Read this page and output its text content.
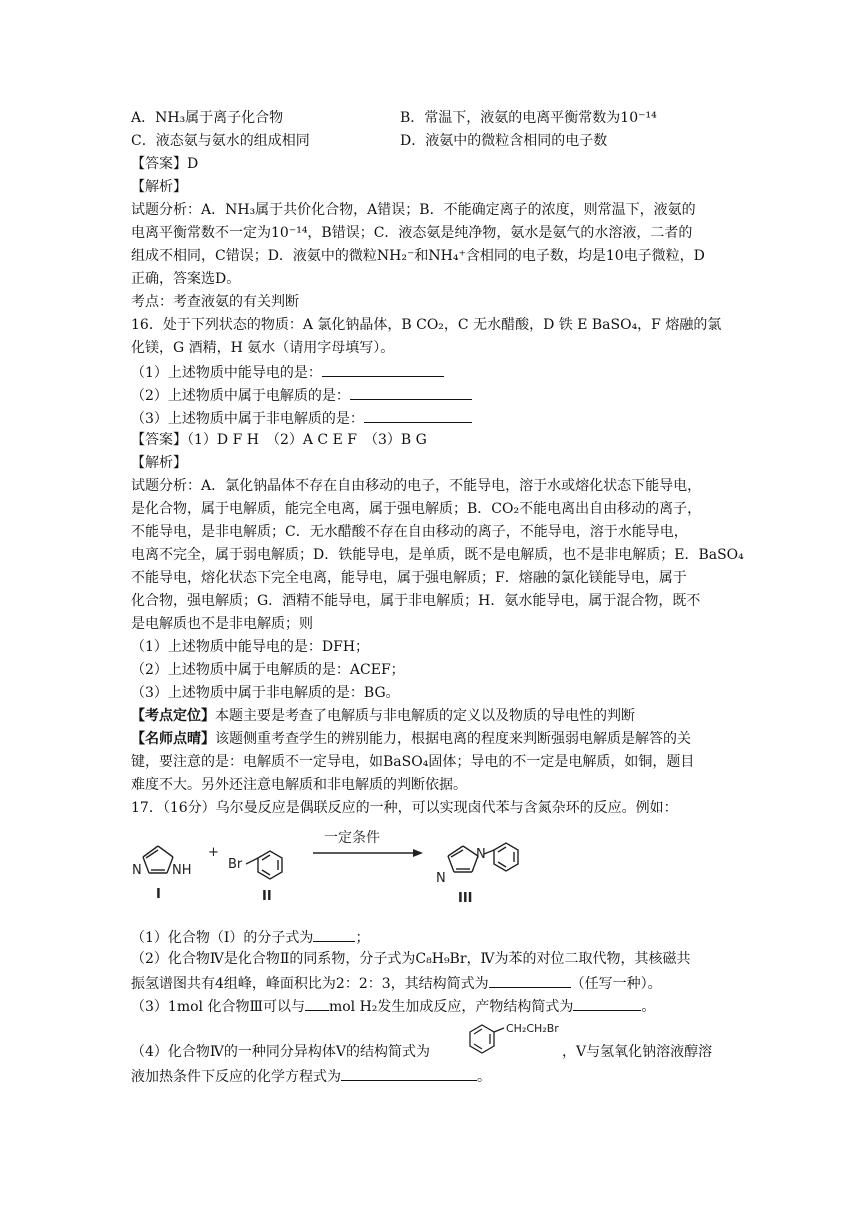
A．NH₃属于离子化合物	B．常温下，液氨的电离平衡常数为10⁻¹⁴
C．液态氨与氨水的组成相同	D．液氨中的微粒含相同的电子数
【答案】D
【解析】
试题分析：A．NH₃属于共价化合物，A错误；B．不能确定离子的浓度，则常温下，液氨的
电离平衡常数不一定为10⁻¹⁴，B错误；C．液态氨是纯净物，氨水是氨气的水溶液，二者的
组成不相同，C错误；D．液氨中的微粒NH₂⁻和NH₄⁺含相同的电子数，均是10电子微粒，D
正确，答案选D。
考点：考查液氨的有关判断
16．处于下列状态的物质：A 氯化钠晶体，B CO₂，C 无水醋酸，D 铁 E BaSO₄，F 熔融的氯
化镁，G 酒精，H 氨水（请用字母填写）。
（1）上述物质中能导电的是：
（2）上述物质中属于电解质的是：
（3）上述物质中属于非电解质的是：
【答案】（1）D F H　（2）A C E F　（3）B G
【解析】
试题分析：A．氯化钠晶体不存在自由移动的电子，不能导电，溶于水或熔化状态下能导电，
是化合物，属于电解质，能完全电离，属于强电解质；B．CO₂不能电离出自由移动的离子，
不能导电，是非电解质；C．无水醋酸不存在自由移动的离子，不能导电，溶于水能导电，
电离不完全，属于弱电解质；D．铁能导电，是单质，既不是电解质，也不是非电解质；E．BaSO₄
不能导电，熔化状态下完全电离，能导电，属于强电解质；F．熔融的氯化镁能导电，属于
化合物，强电解质；G．酒精不能导电，属于非电解质；H．氨水能导电，属于混合物，既不
是电解质也不是非电解质；则
（1）上述物质中能导电的是：DFH；
（2）上述物质中属于电解质的是：ACEF；
（3）上述物质中属于非电解质的是：BG。
【考点定位】本题主要是考查了电解质与非电解质的定义以及物质的导电性的判断
【名师点晴】该题侧重考查学生的辨别能力，根据电离的程度来判断强弱电解质是解答的关
键，要注意的是：电解质不一定导电，如BaSO₄固体；导电的不一定是电解质，如铜，题目
难度不大。另外还注意电解质和非电解质的判断依据。
17．（16分）乌尔曼反应是偶联反应的一种，可以实现卤代苯与含氮杂环的反应。例如：
N NH
I
+
Br
II
一定条件
N
N
III
（1）化合物（Ⅰ）的分子式为	；
（2）化合物Ⅳ是化合物Ⅱ的同系物，分子式为C₈H₉Br，Ⅳ为苯的对位二取代物，其核磁共
振氢谱图共有4组峰，峰面积比为2：2：3，其结构简式为	（任写一种）。
（3）1mol 化合物Ⅲ可以与 mol H₂发生加成反应，产物结构简式为	。
CH₂CH₂Br
（4）化合物Ⅳ的一种同分异构体Ⅴ的结构简式为	，Ⅴ与氢氧化钠溶液醇溶
液加热条件下反应的化学方程式为	。
